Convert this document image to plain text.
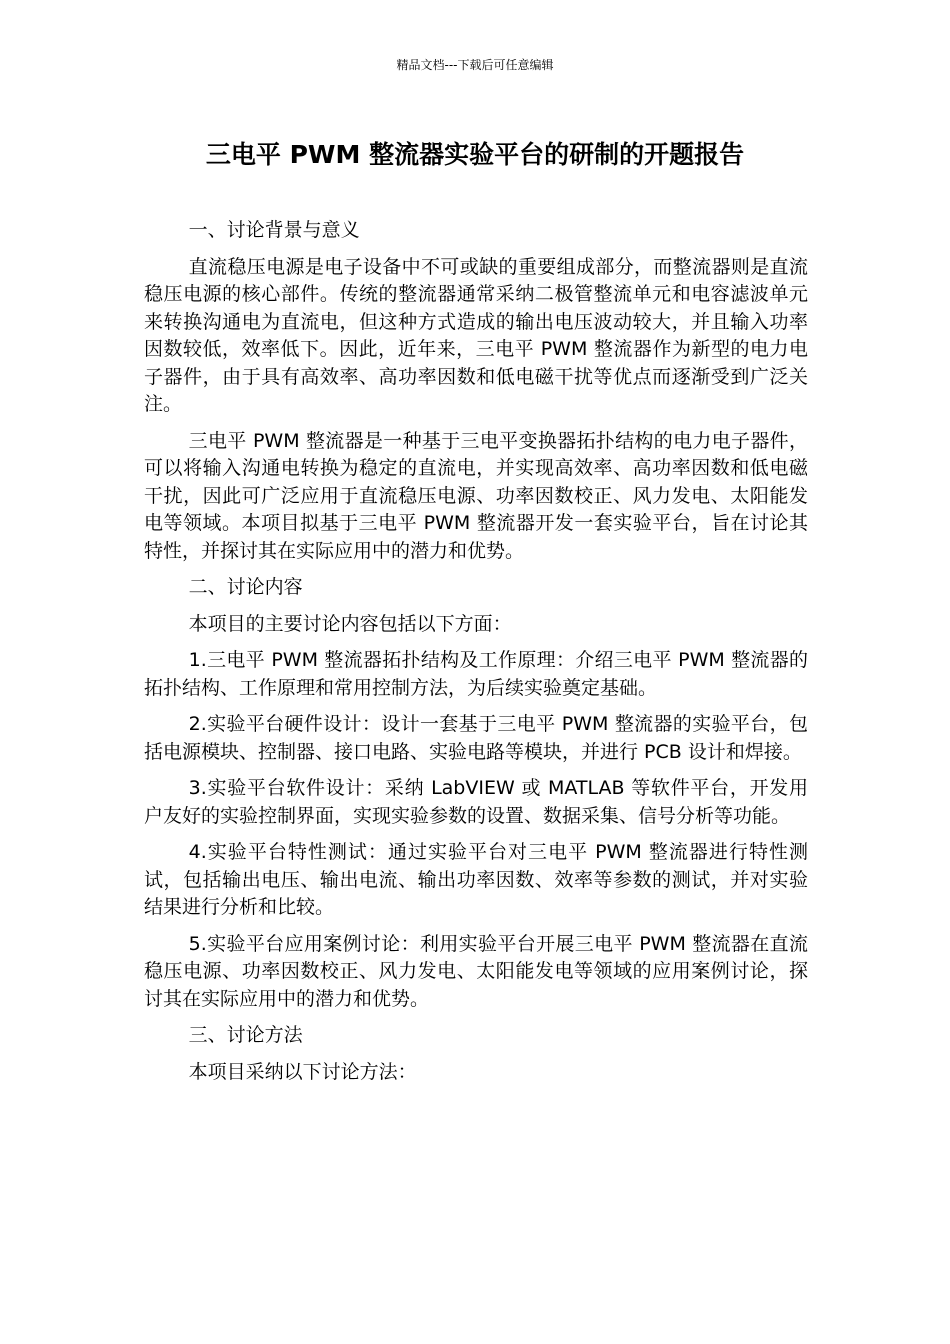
精品文档---下载后可任意编辑
三电平 PWM 整流器实验平台的研制的开题报告

一、讨论背景与意义

直流稳压电源是电子设备中不可或缺的重要组成部分，而整流器则是直流稳压电源的核心部件。传统的整流器通常采纳二极管整流单元和电容滤波单元来转换沟通电为直流电，但这种方式造成的输出电压波动较大，并且输入功率因数较低，效率低下。因此，近年来，三电平 PWM 整流器作为新型的电力电子器件，由于具有高效率、高功率因数和低电磁干扰等优点而逐渐受到广泛关注。

三电平 PWM 整流器是一种基于三电平变换器拓扑结构的电力电子器件，可以将输入沟通电转换为稳定的直流电，并实现高效率、高功率因数和低电磁干扰，因此可广泛应用于直流稳压电源、功率因数校正、风力发电、太阳能发电等领域。本项目拟基于三电平 PWM 整流器开发一套实验平台，旨在讨论其特性，并探讨其在实际应用中的潜力和优势。

二、讨论内容

本项目的主要讨论内容包括以下方面：

1.三电平 PWM 整流器拓扑结构及工作原理：介绍三电平 PWM 整流器的拓扑结构、工作原理和常用控制方法，为后续实验奠定基础。

2.实验平台硬件设计：设计一套基于三电平 PWM 整流器的实验平台，包括电源模块、控制器、接口电路、实验电路等模块，并进行 PCB 设计和焊接。

3.实验平台软件设计：采纳 LabVIEW 或 MATLAB 等软件平台，开发用户友好的实验控制界面，实现实验参数的设置、数据采集、信号分析等功能。

4.实验平台特性测试：通过实验平台对三电平 PWM 整流器进行特性测试，包括输出电压、输出电流、输出功率因数、效率等参数的测试，并对实验结果进行分析和比较。

5.实验平台应用案例讨论：利用实验平台开展三电平 PWM 整流器在直流稳压电源、功率因数校正、风力发电、太阳能发电等领域的应用案例讨论，探讨其在实际应用中的潜力和优势。

三、讨论方法

本项目采纳以下讨论方法：
